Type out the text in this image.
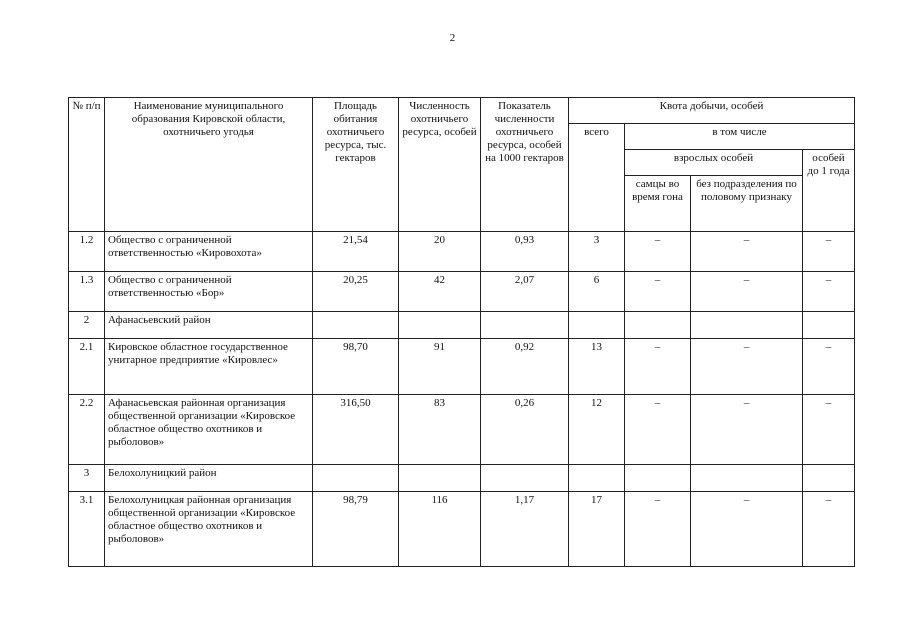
2
№ п/п	Наименование муниципального образования Кировской области, охотничьего угодья	Площадь обитания охотничьего ресурса, тыс. гектаров	Численность охотничьего ресурса, особей	Показатель численности охотничьего ресурса, особей на 1000 гектаров	Квота добычи, особей			
					всего	в том числе		
						взрослых особей		особей до 1 года
						самцы во время гона	без подразделения по половому признаку	
1.2	Общество с ограниченной ответственностью «Кировохота»	21,54	20	0,93	3	–	–	–
1.3	Общество с ограниченной ответственностью «Бор»	20,25	42	2,07	6	–	–	–
2	Афанасьевский район							
2.1	Кировское областное государственное унитарное предприятие «Кировлес»	98,70	91	0,92	13	–	–	–
2.2	Афанасьевская районная организация общественной организации «Кировское областное общество охотников и рыболовов»	316,50	83	0,26	12	–	–	–
3	Белохолуницкий район							
3.1	Белохолуницкая районная организация общественной организации «Кировское областное общество охотников и рыболовов»	98,79	116	1,17	17	–	–	–
